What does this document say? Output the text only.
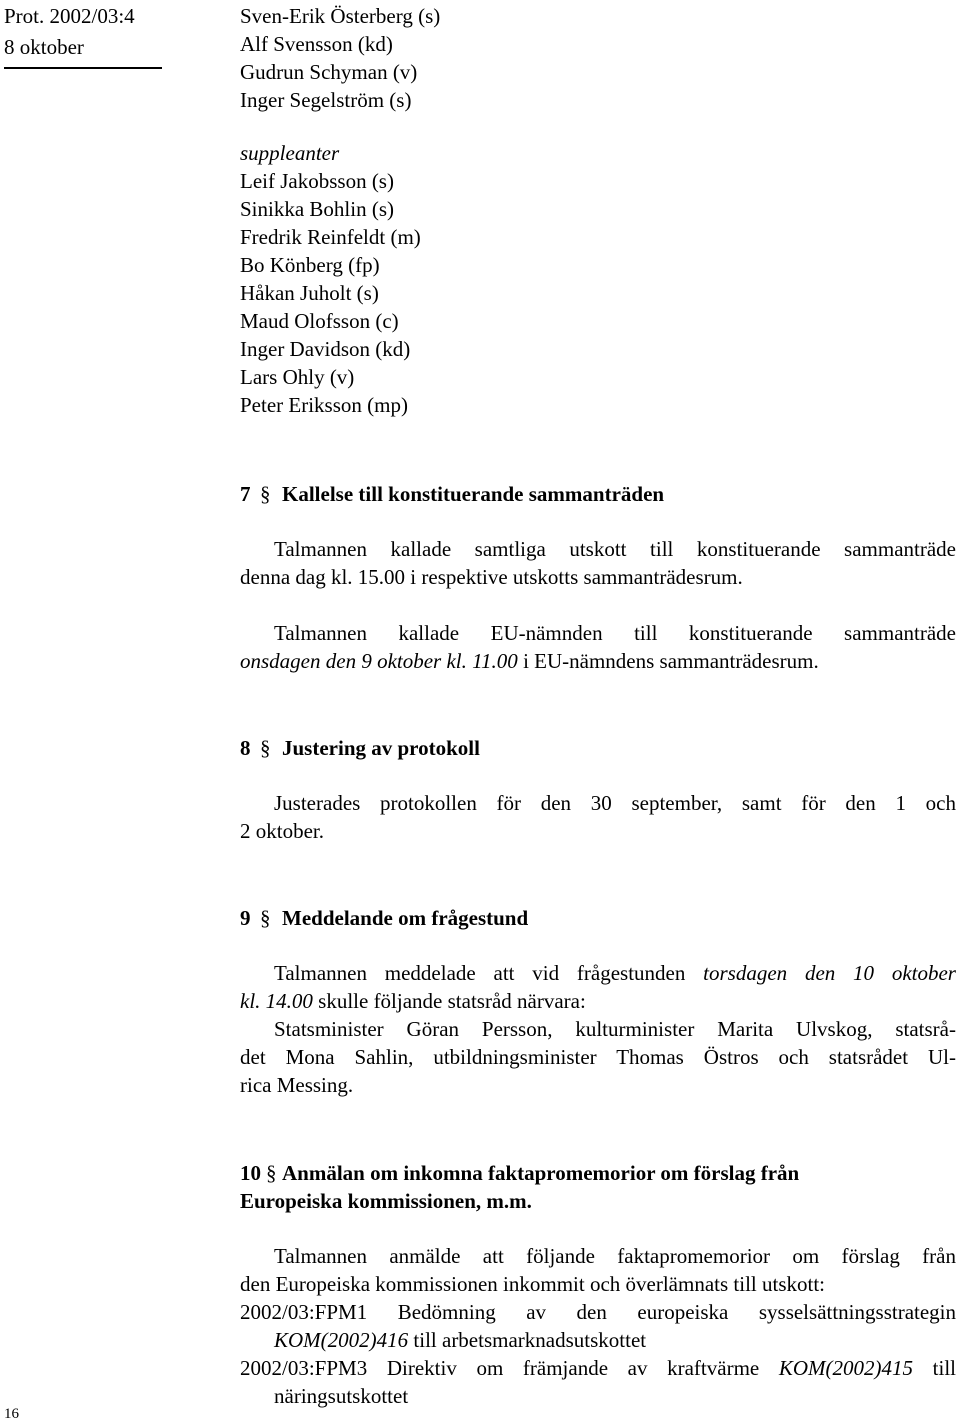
Prot. 2002/03:4
8 oktober
16
Sven-Erik Österberg (s)
Alf Svensson (kd)
Gudrun Schyman (v)
Inger Segelström (s)
suppleanter
Leif Jakobsson (s)
Sinikka Bohlin (s)
Fredrik Reinfeldt (m)
Bo Könberg (fp)
Håkan Juholt (s)
Maud Olofsson (c)
Inger Davidson (kd)
Lars Ohly (v)
Peter Eriksson (mp)
7 § Kallelse till konstituerande sammanträden
Talmannen kallade samtliga utskott till konstituerande sammanträde
denna dag kl. 15.00 i respektive utskotts sammanträdesrum.
Talmannen kallade EU-nämnden till konstituerande sammanträde
onsdagen den 9 oktober kl. 11.00 i EU-nämndens sammanträdesrum.
8 § Justering av protokoll
Justerades protokollen för den 30 september, samt för den 1 och
2 oktober.
9 § Meddelande om frågestund
Talmannen meddelade att vid frågestunden torsdagen den 10 oktober
kl. 14.00 skulle följande statsråd närvara:
Statsminister Göran Persson, kulturminister Marita Ulvskog, statsrå-
det Mona Sahlin, utbildningsminister Thomas Östros och statsrådet Ul-
rica Messing.
10 § Anmälan om inkomna faktapromemorior om förslag från
Europeiska kommissionen, m.m.
Talmannen anmälde att följande faktapromemorior om förslag från
den Europeiska kommissionen inkommit och överlämnats till utskott:
2002/03:FPM1 Bedömning av den europeiska sysselsättningsstrategin
KOM(2002)416 till arbetsmarknadsutskottet
2002/03:FPM3 Direktiv om främjande av kraftvärme KOM(2002)415 till
näringsutskottet
